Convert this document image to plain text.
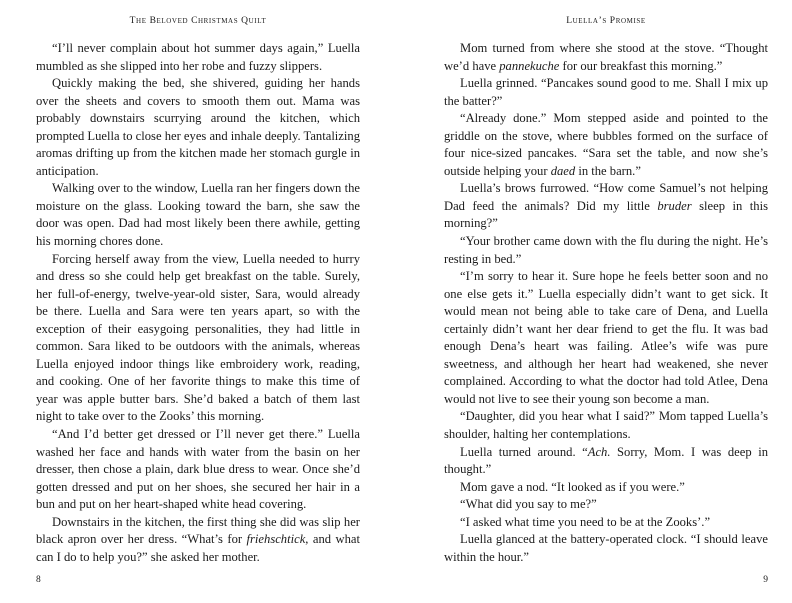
The Beloved Christmas Quilt

“I’ll never complain about hot summer days again,” Luella mumbled as she slipped into her robe and fuzzy slippers.

Quickly making the bed, she shivered, guiding her hands over the sheets and covers to smooth them out. Mama was probably downstairs scurrying around the kitchen, which prompted Luella to close her eyes and inhale deeply. Tantalizing aromas drifting up from the kitchen made her stomach gurgle in anticipation.

Walking over to the window, Luella ran her fingers down the moisture on the glass. Looking toward the barn, she saw the door was open. Dad had most likely been there awhile, getting his morning chores done.

Forcing herself away from the view, Luella needed to hurry and dress so she could help get breakfast on the table. Surely, her full-of-energy, twelve-year-old sister, Sara, would already be there. Luella and Sara were ten years apart, so with the exception of their easygoing personalities, they had little in common. Sara liked to be outdoors with the animals, whereas Luella enjoyed indoor things like embroidery work, reading, and cooking. One of her favorite things to make this time of year was apple butter bars. She’d baked a batch of them last night to take over to the Zooks’ this morning.

“And I’d better get dressed or I’ll never get there.” Luella washed her face and hands with water from the basin on her dresser, then chose a plain, dark blue dress to wear. Once she’d gotten dressed and put on her shoes, she secured her hair in a bun and put on her heart-shaped white head covering.

Downstairs in the kitchen, the first thing she did was slip her black apron over her dress. “What’s for friehschtick, and what can I do to help you?” she asked her mother.

8
Luella’s Promise

Mom turned from where she stood at the stove. “Thought we’d have pannekuche for our breakfast this morning.”

Luella grinned. “Pancakes sound good to me. Shall I mix up the batter?”

“Already done.” Mom stepped aside and pointed to the griddle on the stove, where bubbles formed on the surface of four nice-sized pancakes. “Sara set the table, and now she’s outside helping your daed in the barn.”

Luella’s brows furrowed. “How come Samuel’s not helping Dad feed the animals? Did my little bruder sleep in this morning?”

“Your brother came down with the flu during the night. He’s resting in bed.”

“I’m sorry to hear it. Sure hope he feels better soon and no one else gets it.” Luella especially didn’t want to get sick. It would mean not being able to take care of Dena, and Luella certainly didn’t want her dear friend to get the flu. It was bad enough Dena’s heart was failing. Atlee’s wife was pure sweetness, and although her heart had weakened, she never complained. According to what the doctor had told Atlee, Dena would not live to see their young son become a man.

“Daughter, did you hear what I said?” Mom tapped Luella’s shoulder, halting her contemplations.

Luella turned around. “Ach. Sorry, Mom. I was deep in thought.”

Mom gave a nod. “It looked as if you were.”

“What did you say to me?”

“I asked what time you need to be at the Zooks’.”

Luella glanced at the battery-operated clock. “I should leave within the hour.”

9
